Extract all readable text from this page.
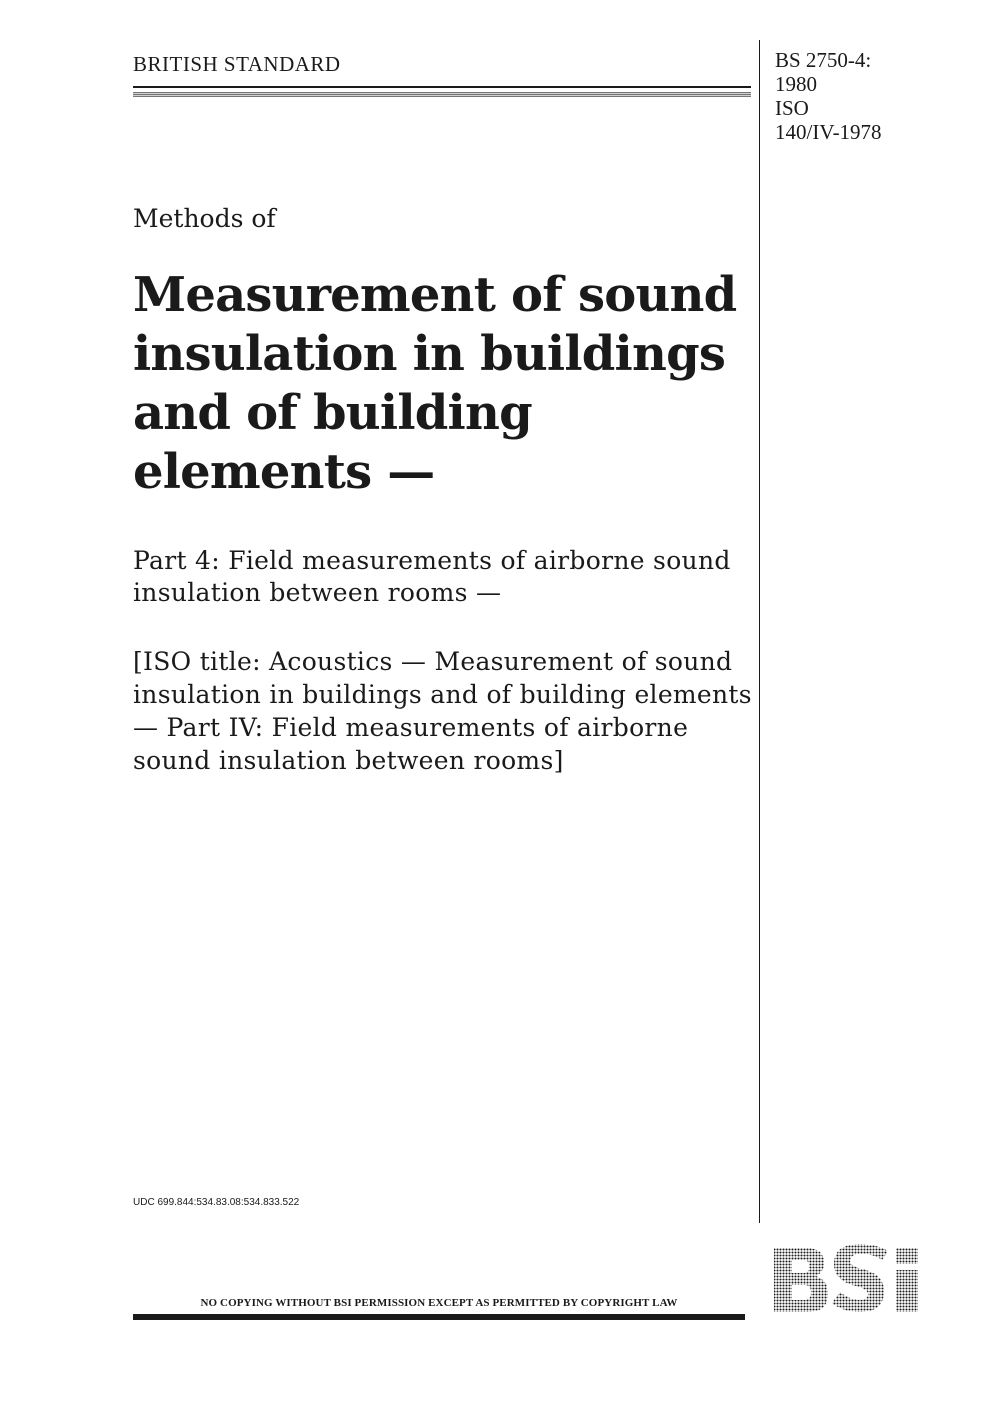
BRITISH STANDARD	BS 2750-4:
1980
ISO
140/IV-1978
Methods of
Measurement of sound insulation in buildings and of building elements —
Part 4: Field measurements of airborne sound insulation between rooms —
[ISO title: Acoustics — Measurement of sound insulation in buildings and of building elements — Part IV: Field measurements of airborne sound insulation between rooms]
UDC 699.844:534.83.08:534.833.522
NO COPYING WITHOUT BSI PERMISSION EXCEPT AS PERMITTED BY COPYRIGHT LAW
